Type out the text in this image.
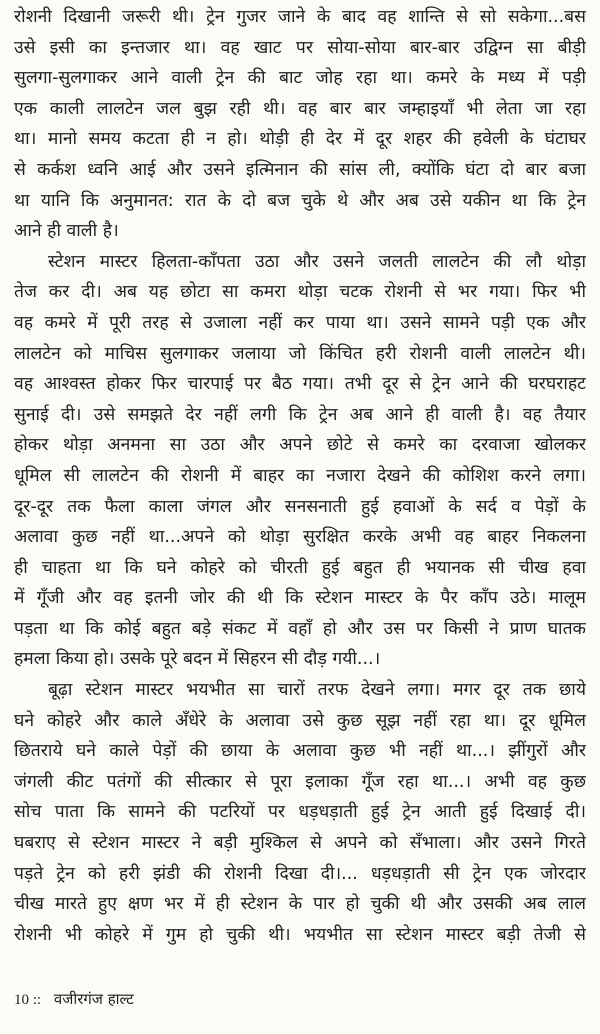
रोशनी दिखानी जरूरी थी। ट्रेन गुजर जाने के बाद वह शान्ति से सो सकेगा...बस
उसे इसी का इन्तजार था। वह खाट पर सोया-सोया बार-बार उद्विग्न सा बीड़ी
सुलगा-सुलगाकर आने वाली ट्रेन की बाट जोह रहा था। कमरे के मध्य में पड़ी
एक काली लालटेन जल बुझ रही थी। वह बार बार जम्हाइयाँ भी लेता जा रहा
था। मानो समय कटता ही न हो। थोड़ी ही देर में दूर शहर की हवेली के घंटाघर
से कर्कश ध्वनि आई और उसने इत्मिनान की सांस ली, क्योंकि घंटा दो बार बजा
था यानि कि अनुमानत: रात के दो बज चुके थे और अब उसे यकीन था कि ट्रेन
आने ही वाली है।
स्टेशन मास्टर हिलता-काँपता उठा और उसने जलती लालटेन की लौ थोड़ा
तेज कर दी। अब यह छोटा सा कमरा थोड़ा चटक रोशनी से भर गया। फिर भी
वह कमरे में पूरी तरह से उजाला नहीं कर पाया था। उसने सामने पड़ी एक और
लालटेन को माचिस सुलगाकर जलाया जो किंचित हरी रोशनी वाली लालटेन थी।
वह आश्वस्त होकर फिर चारपाई पर बैठ गया। तभी दूर से ट्रेन आने की घरघराहट
सुनाई दी। उसे समझते देर नहीं लगी कि ट्रेन अब आने ही वाली है। वह तैयार
होकर थोड़ा अनमना सा उठा और अपने छोटे से कमरे का दरवाजा खोलकर
धूमिल सी लालटेन की रोशनी में बाहर का नजारा देखने की कोशिश करने लगा।
दूर-दूर तक फैला काला जंगल और सनसनाती हुई हवाओं के सर्द व पेड़ों के
अलावा कुछ नहीं था...अपने को थोड़ा सुरक्षित करके अभी वह बाहर निकलना
ही चाहता था कि घने कोहरे को चीरती हुई बहुत ही भयानक सी चीख हवा
में गूँजी और वह इतनी जोर की थी कि स्टेशन मास्टर के पैर काँप उठे। मालूम
पड़ता था कि कोई बहुत बड़े संकट में वहाँ हो और उस पर किसी ने प्राण घातक
हमला किया हो। उसके पूरे बदन में सिहरन सी दौड़ गयी...।
बूढ़ा स्टेशन मास्टर भयभीत सा चारों तरफ देखने लगा। मगर दूर तक छाये
घने कोहरे और काले अँधेरे के अलावा उसे कुछ सूझ नहीं रहा था। दूर धूमिल
छितराये घने काले पेड़ों की छाया के अलावा कुछ भी नहीं था...। झींगुरों और
जंगली कीट पतंगों की सीत्कार से पूरा इलाका गूँज रहा था...। अभी वह कुछ
सोच पाता कि सामने की पटरियों पर धड़धड़ाती हुई ट्रेन आती हुई दिखाई दी।
घबराए से स्टेशन मास्टर ने बड़ी मुश्किल से अपने को सँभाला। और उसने गिरते
पड़ते ट्रेन को हरी झंडी की रोशनी दिखा दी।... धड़धड़ाती सी ट्रेन एक जोरदार
चीख मारते हुए क्षण भर में ही स्टेशन के पार हो चुकी थी और उसकी अब लाल
रोशनी भी कोहरे में गुम हो चुकी थी। भयभीत सा स्टेशन मास्टर बड़ी तेजी से
10 :: वजीरगंज हाल्ट
